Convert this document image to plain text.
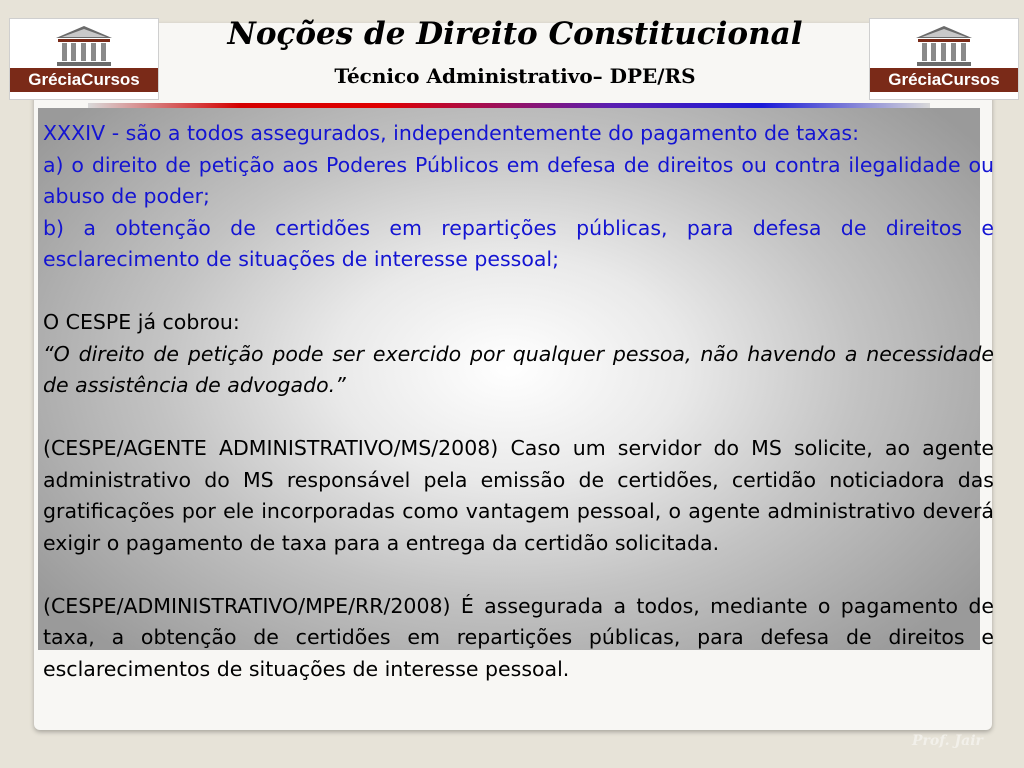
GréciaCursos	GréciaCursos
Noções de Direito Constitucional
Técnico Administrativo– DPE/RS

XXXIV - são a todos assegurados, independentemente do pagamento de taxas:

a) o direito de petição aos Poderes Públicos em defesa de direitos ou contra ilegalidade ou abuso de poder;

b) a obtenção de certidões em repartições públicas, para defesa de direitos e esclarecimento de situações de interesse pessoal;

O CESPE já cobrou:

“O direito de petição pode ser exercido por qualquer pessoa, não havendo a necessidade de assistência de advogado.”

(CESPE/AGENTE ADMINISTRATIVO/MS/2008) Caso um servidor do MS solicite, ao agente administrativo do MS responsável pela emissão de certidões, certidão noticiadora das gratificações por ele incorporadas como vantagem pessoal, o agente administrativo deverá exigir o pagamento de taxa para a entrega da certidão solicitada.

(CESPE/ADMINISTRATIVO/MPE/RR/2008) É assegurada a todos, mediante o pagamento de taxa, a obtenção de certidões em repartições públicas, para defesa de direitos e esclarecimentos de situações de interesse pessoal.

Prof. Jair
